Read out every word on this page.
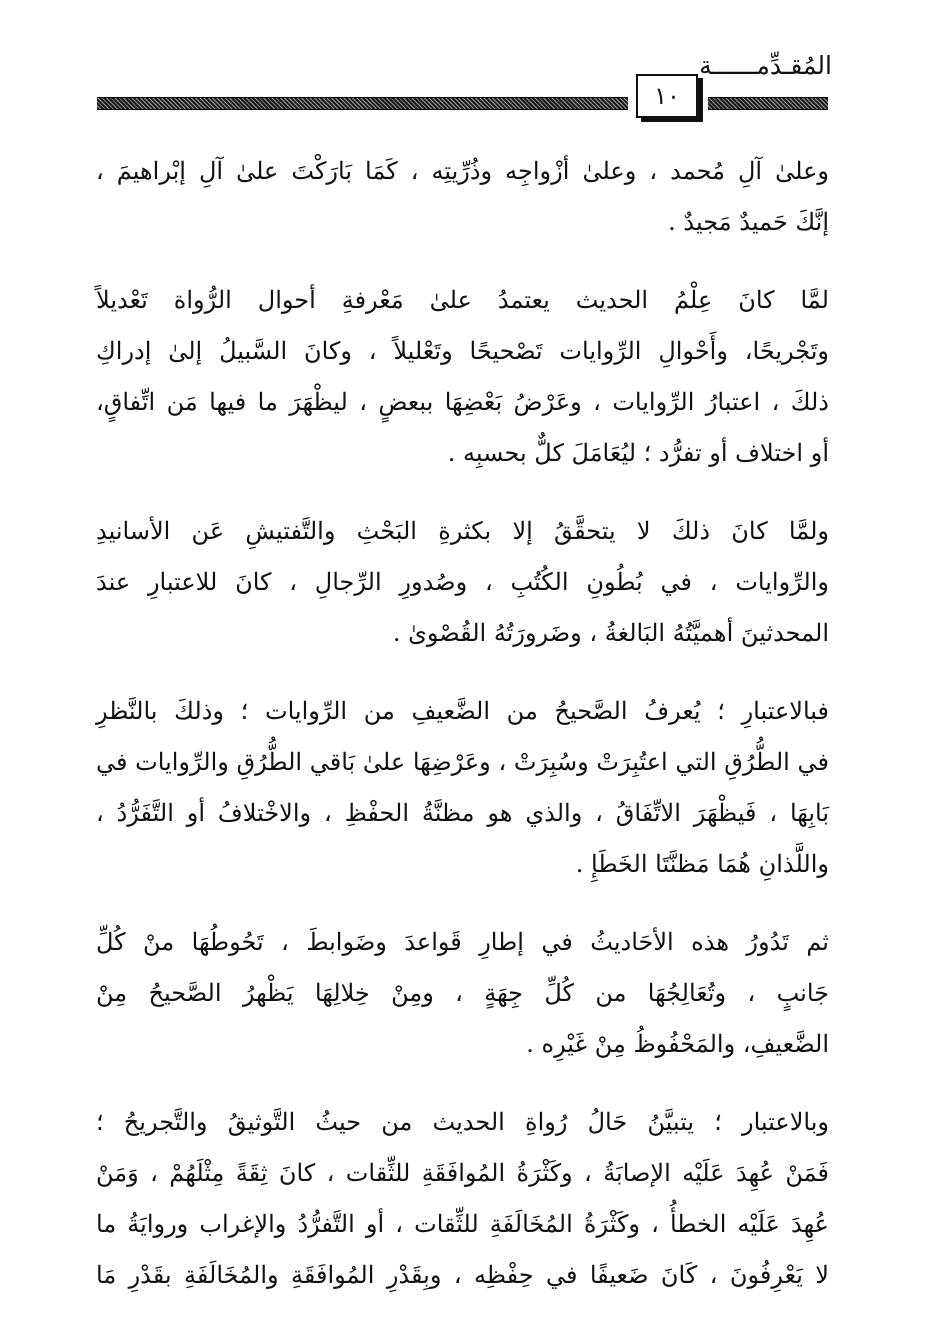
المُقـدِّمــــــة
١٠
وعلىٰ آلِ مُحمد ، وعلىٰ أزْواجِه وذُرِّيتِه ، كَمَا بَارَكْتَ علىٰ آلِ إبْراهيمَ ،
إنَّكَ حَميدٌ مَجيدٌ .
لمَّا كانَ عِلْمُ الحديث يعتمدُ علىٰ مَعْرفةِ أحوال الرُّواة تَعْديلاً
وتَجْريحًا، وأَحْوالِ الرِّوايات تَصْحيحًا وتَعْليلاً ، وكانَ السَّبيلُ إلىٰ إدراكِ
ذلكَ ، اعتبارُ الرِّوايات ، وعَرْضُ بَعْضِهَا ببعضٍ ، ليظْهَرَ ما فيها مَن اتِّفاقٍ،
أو اختلاف أو تفرُّد ؛ ليُعَامَلَ كلٌّ بحسبِه .
ولمَّا كانَ ذلكَ لا يتحقَّقُ إلا بكثرةِ البَحْثِ والتَّفتيشِ عَن الأسانيدِ
والرِّوايات ، في بُطُونِ الكُتُبِ ، وصُدورِ الرِّجالِ ، كانَ للاعتبارِ عندَ
المحدثينَ أهميَّتُهُ البَالغةُ ، وضَرورَتُهُ القُصْوىٰ .
فبالاعتبارِ ؛ يُعرفُ الصَّحيحُ من الضَّعيفِ من الرِّوايات ؛ وذلكَ بالنَّظرِ
في الطُّرُقِ التي اعتُبِرَتْ وسُبِرَتْ ، وعَرْضِهَا علىٰ بَاقي الطُّرُقِ والرِّوايات في
بَابِهَا ، فَيظْهَرَ الاتِّفَاقُ ، والذي هو مظنَّةُ الحفْظِ ، والاخْتلافُ أو التَّفَرُّدُ ،
واللَّذانِ هُمَا مَظنَّتَا الخَطَإِ .
ثم تَدُورُ هذه الأحَاديثُ في إطارِ قَواعدَ وضَوابطَ ، تَحُوطُهَا منْ كُلِّ
جَانبٍ ، وتُعَالِجُهَا من كُلِّ جِهَةٍ ، ومِنْ خِلالِهَا يَظْهرُ الصَّحيحُ مِنْ
الضَّعيفِ، والمَحْفُوظُ مِنْ غَيْرِه .
وبالاعتبار ؛ يتبيَّنُ حَالُ رُواةِ الحديث من حيثُ التَّوثيقُ والتَّجريحُ ؛
فَمَنْ عُهِدَ عَلَيْه الإصابَةُ ، وكَثْرَةُ المُوافَقَةِ للثِّقات ، كانَ ثِقَةً مِثْلَهُمْ ، وَمَنْ
عُهِدَ عَلَيْه الخطأُ ، وكَثْرَةُ المُخَالَفَةِ للثِّقات ، أو التَّفرُّدُ والإغراب وروايَةُ ما
لا يَعْرِفُونَ ، كَانَ ضَعيفًا في حِفْظِه ، وبِقَدْرِ المُوافَقَةِ والمُخَالَفَةِ بقَدْرِ مَا
